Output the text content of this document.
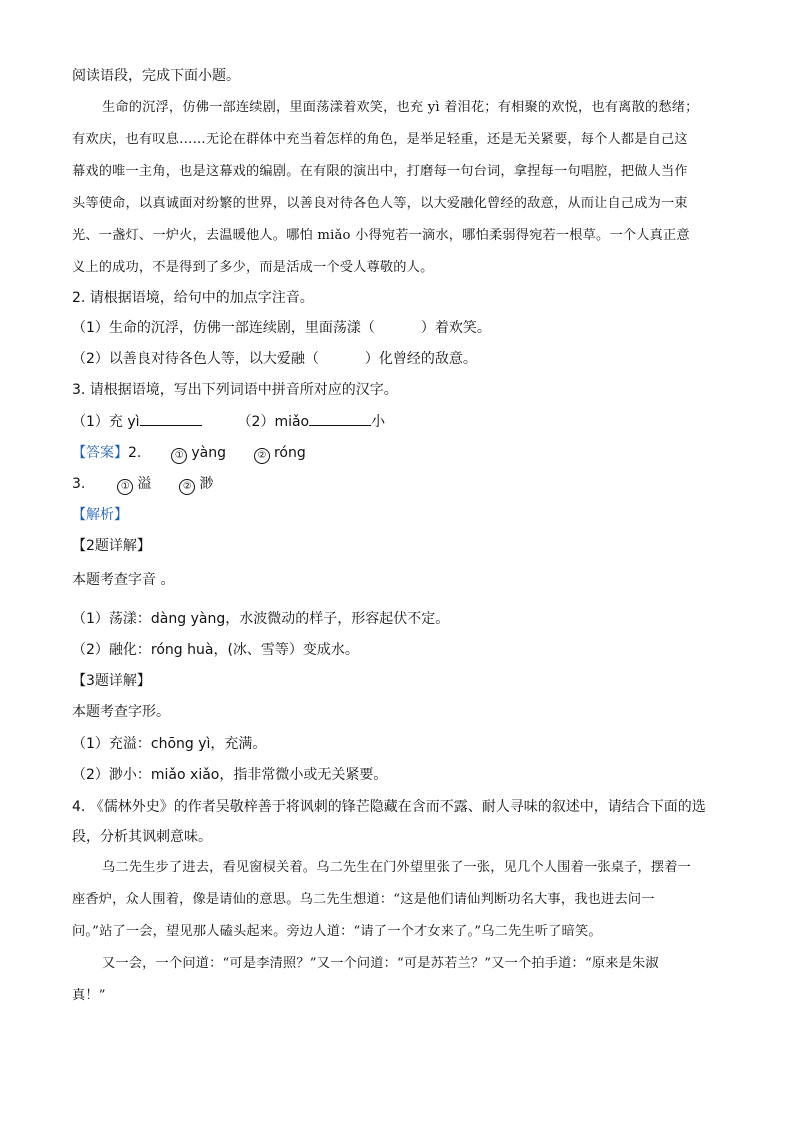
阅读语段，完成下面小题。
生命的沉浮，仿佛一部连续剧，里面荡漾着欢笑，也充 yì 着泪花；有相聚的欢悦，也有离散的愁绪；
有欢庆，也有叹息……无论在群体中充当着怎样的角色，是举足轻重，还是无关紧要，每个人都是自己这
幕戏的唯一主角，也是这幕戏的编剧。在有限的演出中，打磨每一句台词，拿捏每一句唱腔，把做人当作
头等使命，以真诚面对纷繁的世界，以善良对待各色人等，以大爱融化曾经的敌意，从而让自己成为一束
光、一盏灯、一炉火，去温暖他人。哪怕 miǎo 小得宛若一滴水，哪怕柔弱得宛若一根草。一个人真正意
义上的成功，不是得到了多少，而是活成一个受人尊敬的人。
2. 请根据语境，给句中的加点字注音。
（1）生命的沉浮，仿佛一部连续剧，里面荡漾（	）着欢笑。
（2）以善良对待各色人等，以大爱融（	）化曾经的敌意。
3. 请根据语境，写出下列词语中拼音所对应的汉字。
（1）充 yì	（2）miǎo	小
【答案】2.	① yàng	② róng
3.	① 溢	② 渺
【解析】
【2题详解】
本题考查字音 。
（1）荡漾：dàng yàng，水波微动的样子，形容起伏不定。
（2）融化：róng huà，(冰、雪等）变成水。
【3题详解】
本题考查字形。
（1）充溢：chōng yì，充满。
（2）渺小：miǎo xiǎo，指非常微小或无关紧要。
4. 《儒林外史》的作者吴敬梓善于将讽刺的锋芒隐藏在含而不露、耐人寻味的叙述中，请结合下面的选
段，分析其讽刺意味。
乌二先生步了进去，看见窗棂关着。乌二先生在门外望里张了一张，见几个人围着一张桌子，摆着一
座香炉，众人围着，像是请仙的意思。乌二先生想道：“这是他们请仙判断功名大事，我也进去问一
问。”站了一会，望见那人磕头起来。旁边人道：“请了一个才女来了。”乌二先生听了暗笑。
又一会，一个问道：“可是李清照？”又一个问道：“可是苏若兰？”又一个拍手道：“原来是朱淑
真！”
